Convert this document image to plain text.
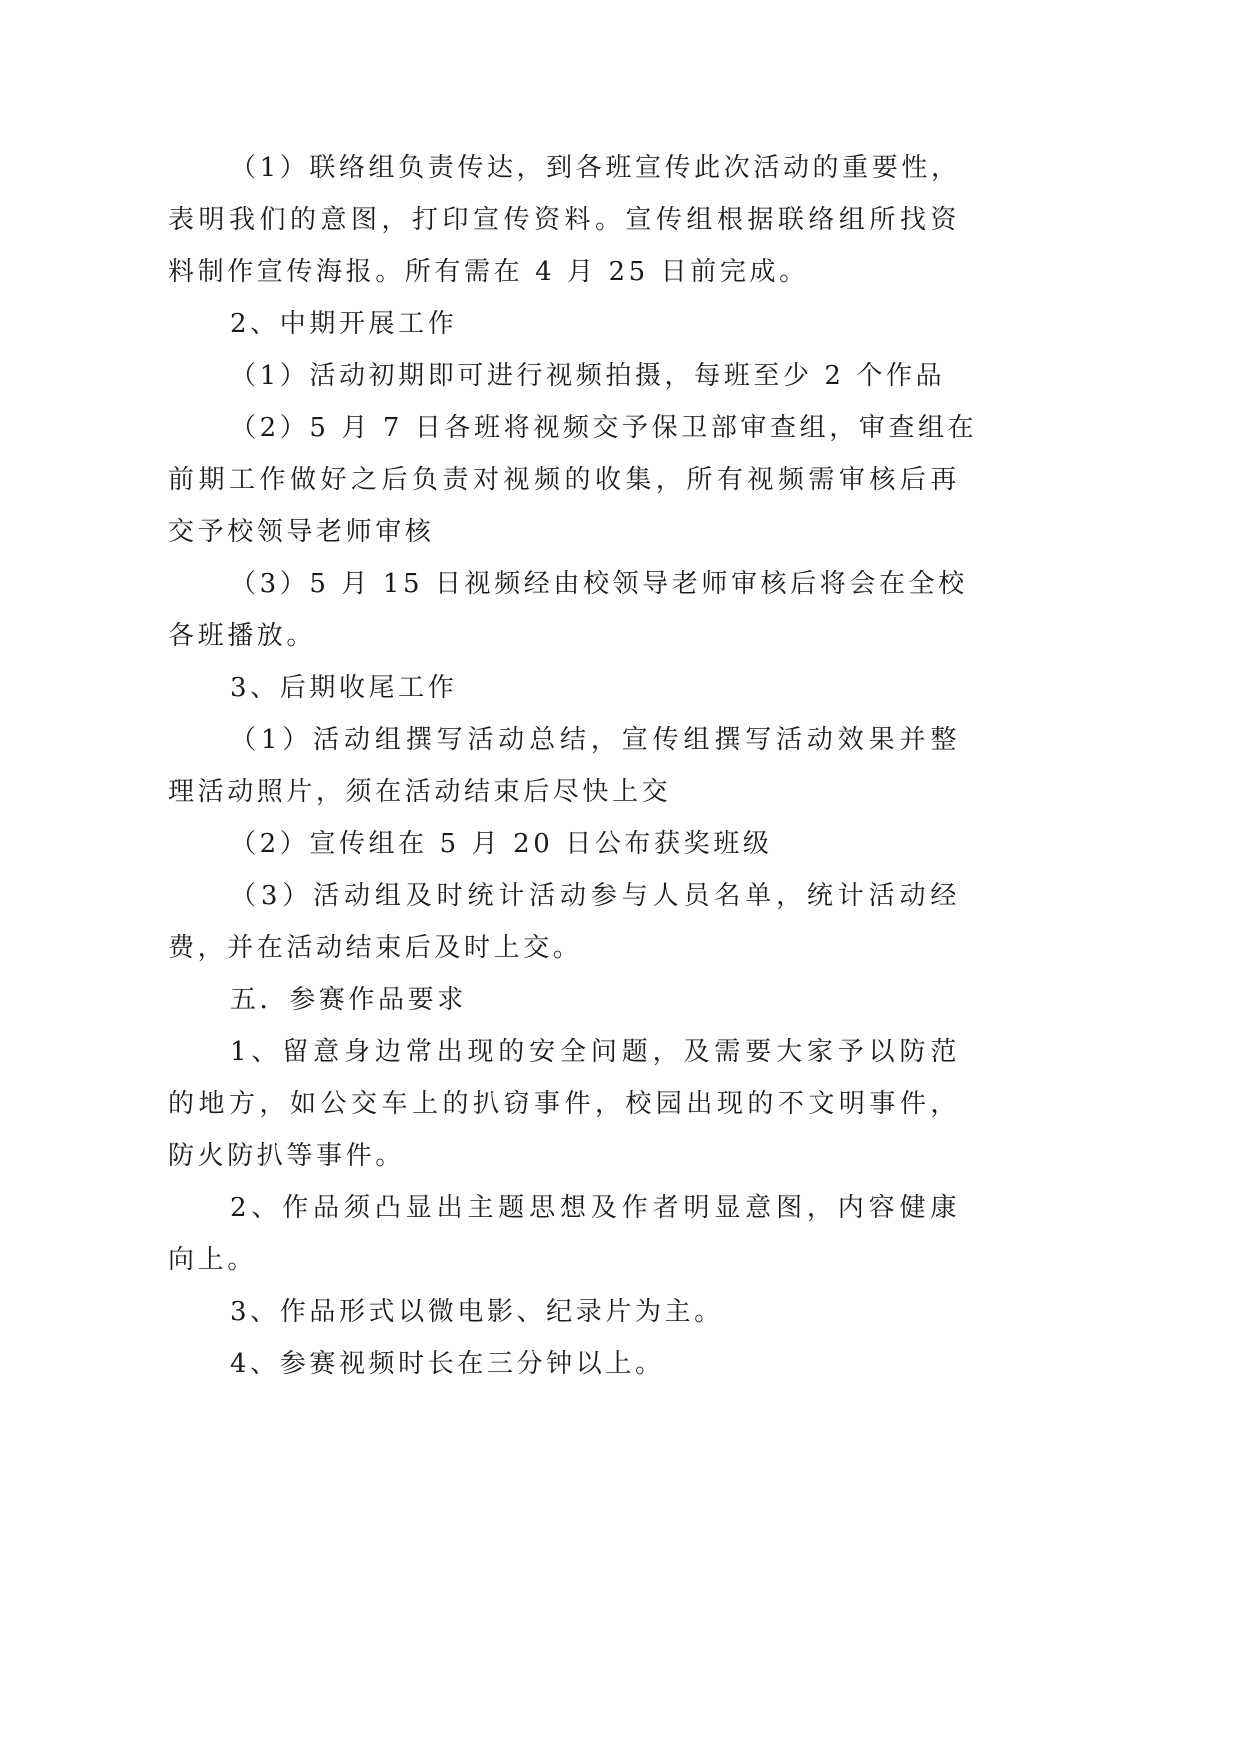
（1）联络组负责传达，到各班宣传此次活动的重要性，
表明我们的意图，打印宣传资料。宣传组根据联络组所找资
料制作宣传海报。所有需在 4 月 25 日前完成。
2、中期开展工作
（1）活动初期即可进行视频拍摄，每班至少 2 个作品
（2）5 月 7 日各班将视频交予保卫部审查组，审查组在
前期工作做好之后负责对视频的收集，所有视频需审核后再
交予校领导老师审核
（3）5 月 15 日视频经由校领导老师审核后将会在全校
各班播放。
3、后期收尾工作
（1）活动组撰写活动总结，宣传组撰写活动效果并整
理活动照片，须在活动结束后尽快上交
（2）宣传组在 5 月 20 日公布获奖班级
（3）活动组及时统计活动参与人员名单，统计活动经
费，并在活动结束后及时上交。
五．参赛作品要求
1、留意身边常出现的安全问题，及需要大家予以防范
的地方，如公交车上的扒窃事件，校园出现的不文明事件，
防火防扒等事件。
2、作品须凸显出主题思想及作者明显意图，内容健康
向上。
3、作品形式以微电影、纪录片为主。
4、参赛视频时长在三分钟以上。
